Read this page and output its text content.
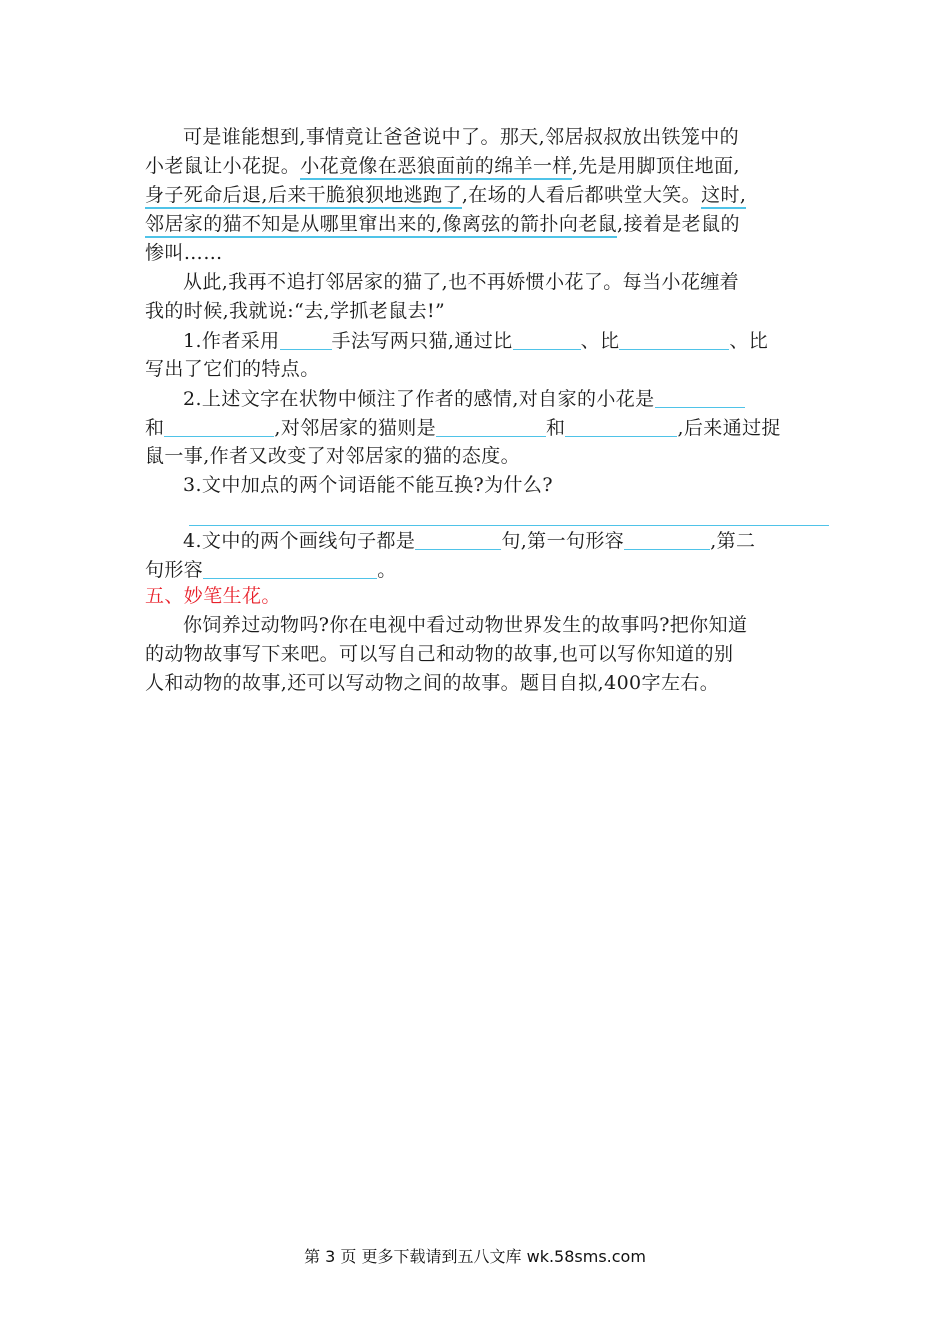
可是谁能想到,事情竟让爸爸说中了。那天,邻居叔叔放出铁笼中的
小老鼠让小花捉。小花竟像在恶狼面前的绵羊一样,先是用脚顶住地面,
身子死命后退,后来干脆狼狈地逃跑了,在场的人看后都哄堂大笑。这时,
邻居家的猫不知是从哪里窜出来的,像离弦的箭扑向老鼠,接着是老鼠的
惨叫……
从此,我再不追打邻居家的猫了,也不再娇惯小花了。每当小花缠着
我的时候,我就说:“去,学抓老鼠去!”
1.作者采用	手法写两只猫,通过比	、比	、比
写出了它们的特点。
2.上述文字在状物中倾注了作者的感情,对自家的小花是
和	,对邻居家的猫则是	和	,后来通过捉
鼠一事,作者又改变了对邻居家的猫的态度。
3.文中加点的两个词语能不能互换?为什么?
4.文中的两个画线句子都是	句,第一句形容	,第二
句形容	。
五、妙笔生花。
你饲养过动物吗?你在电视中看过动物世界发生的故事吗?把你知道
的动物故事写下来吧。可以写自己和动物的故事,也可以写你知道的别
人和动物的故事,还可以写动物之间的故事。题目自拟,400字左右。
第 3 页 更多下载请到五八文库 wk.58sms.com
